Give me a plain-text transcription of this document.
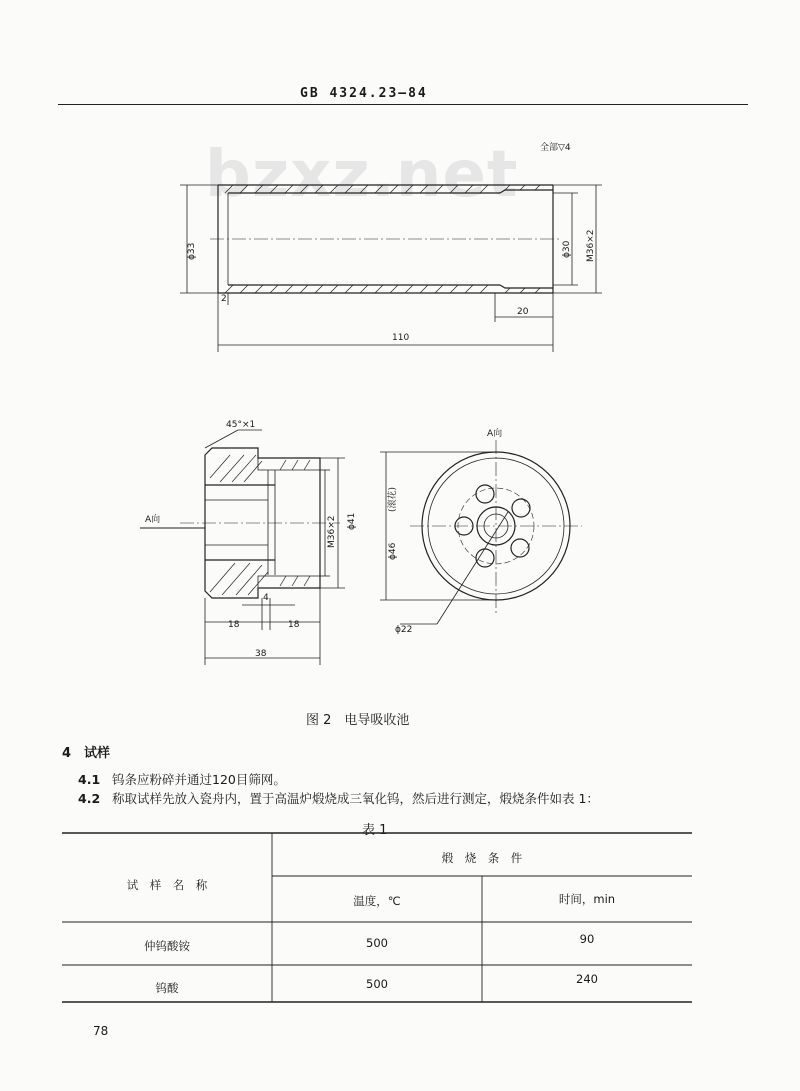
GB 4324.23—84
bzxz.net 全部▽4
ϕ33	ϕ30 M36×2
110
20
2
45°×1
A向
A向
M36×2 ϕ41
(滚花)
ϕ46
ϕ22
18	18
4
38
图 2　电导吸收池
4　试样
4.1 钨条应粉碎并通过120目筛网。
4.2 称取试样先放入瓷舟内，置于高温炉煅烧成三氧化钨，然后进行测定，煅烧条件如表 1：
表 1
试　样　名　称
煅　烧　条　件
温度，℃	时间，min
仲钨酸铵	500	90
钨酸	500	240
78
